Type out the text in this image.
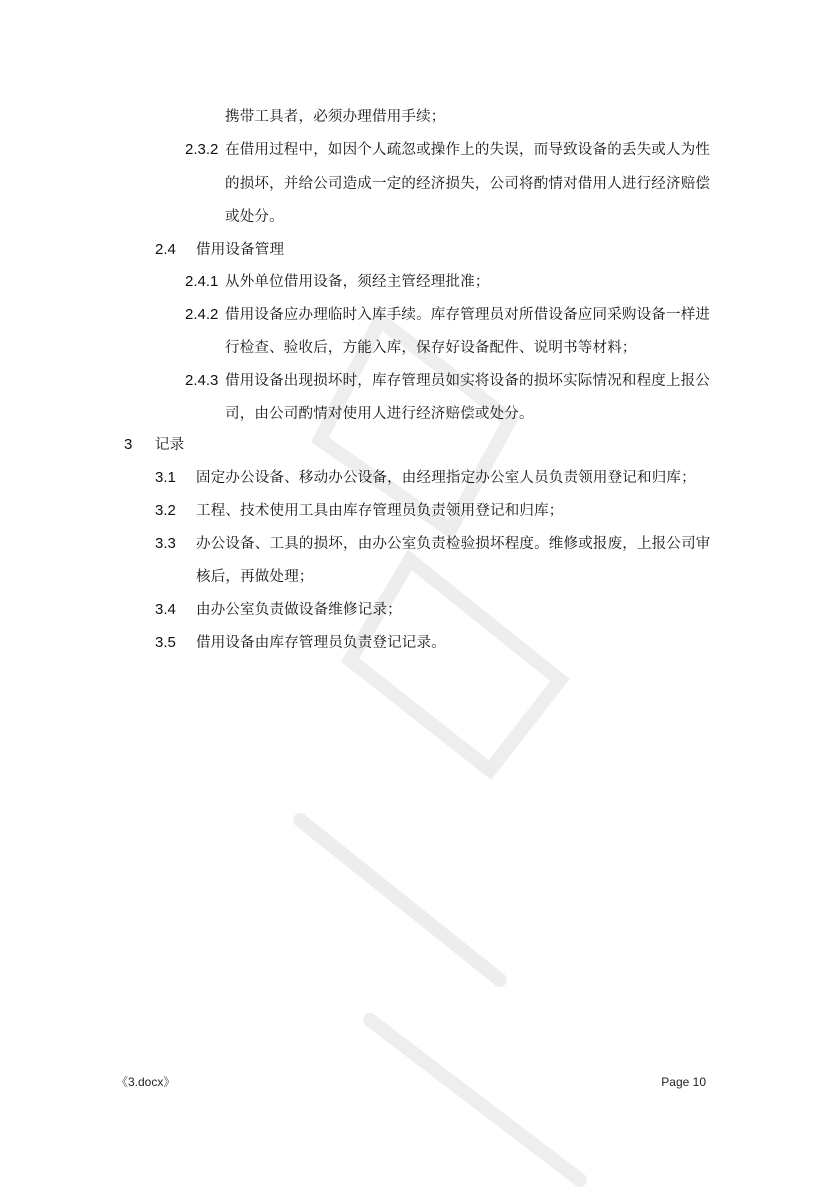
携带工具者，必须办理借用手续；
2.3.2 在借用过程中，如因个人疏忽或操作上的失误，而导致设备的丢失或人为性
的损坏，并给公司造成一定的经济损失，公司将酌情对借用人进行经济赔偿
或处分。
2.4 借用设备管理
2.4.1 从外单位借用设备，须经主管经理批准；
2.4.2 借用设备应办理临时入库手续。库存管理员对所借设备应同采购设备一样进
行检查、验收后，方能入库，保存好设备配件、说明书等材料；
2.4.3 借用设备出现损坏时，库存管理员如实将设备的损坏实际情况和程度上报公
司，由公司酌情对使用人进行经济赔偿或处分。
3 记录
3.1 固定办公设备、移动办公设备，由经理指定办公室人员负责领用登记和归库；
3.2 工程、技术使用工具由库存管理员负责领用登记和归库；
3.3 办公设备、工具的损坏，由办公室负责检验损坏程度。维修或报废，上报公司审
核后，再做处理；
3.4 由办公室负责做设备维修记录；
3.5 借用设备由库存管理员负责登记记录。
《3.docx》	Page 10
